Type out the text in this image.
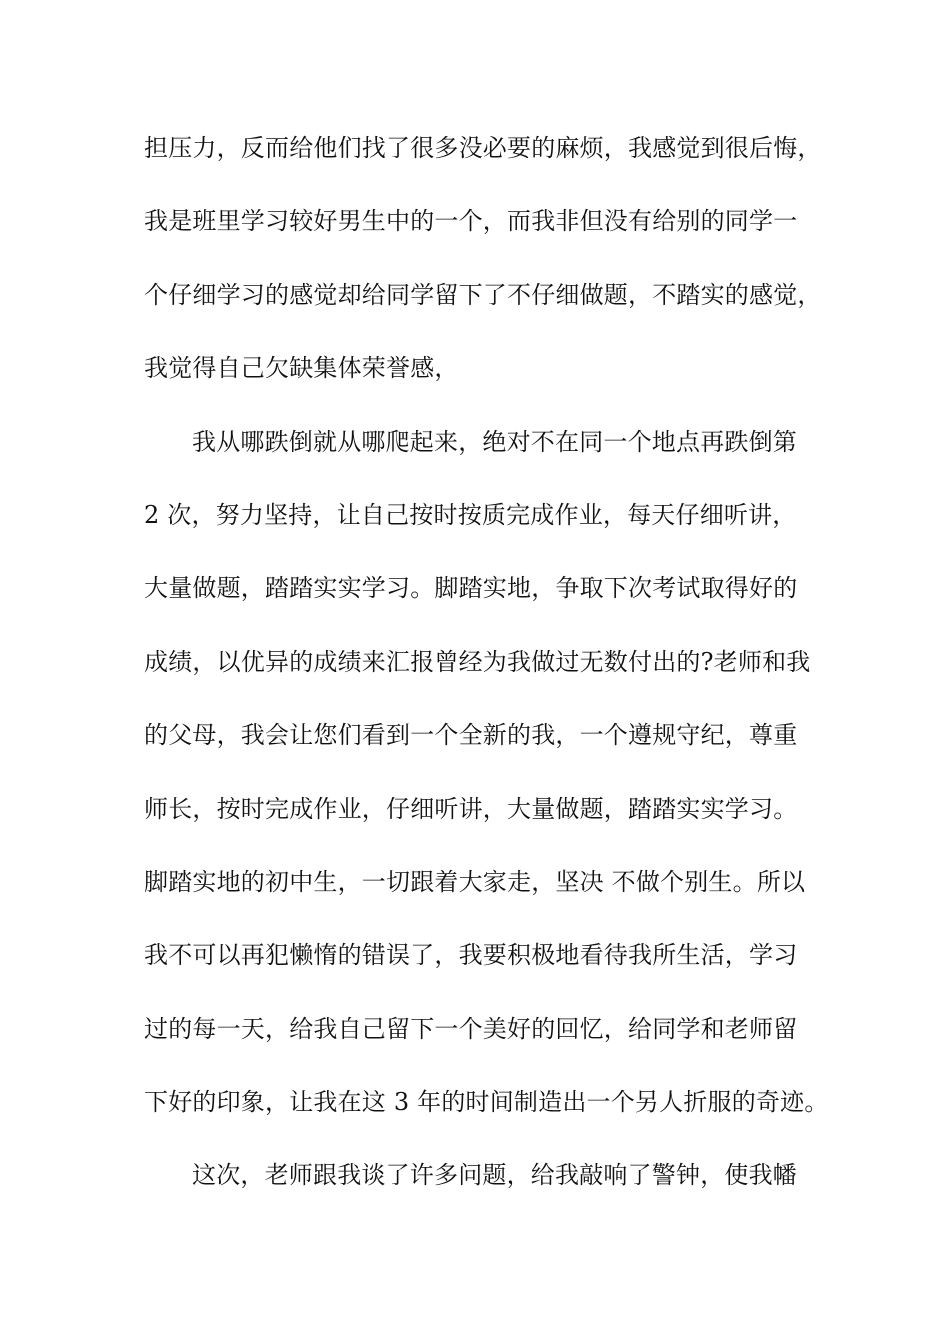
担压力，反而给他们找了很多没必要的麻烦，我感觉到很后悔，
我是班里学习较好男生中的一个，而我非但没有给别的同学一
个仔细学习的感觉却给同学留下了不仔细做题，不踏实的感觉，
我觉得自己欠缺集体荣誉感，
我从哪跌倒就从哪爬起来，绝对不在同一个地点再跌倒第
2 次，努力坚持，让自己按时按质完成作业，每天仔细听讲，
大量做题，踏踏实实学习。脚踏实地，争取下次考试取得好的
成绩，以优异的成绩来汇报曾经为我做过无数付出的?老师和我
的父母，我会让您们看到一个全新的我，一个遵规守纪，尊重
师长，按时完成作业，仔细听讲，大量做题，踏踏实实学习。
脚踏实地的初中生，一切跟着大家走，坚决 不做个别生。所以
我不可以再犯懒惰的错误了，我要积极地看待我所生活，学习
过的每一天，给我自己留下一个美好的回忆，给同学和老师留
下好的印象，让我在这 3 年的时间制造出一个另人折服的奇迹。
这次，老师跟我谈了许多问题，给我敲响了警钟，使我幡
